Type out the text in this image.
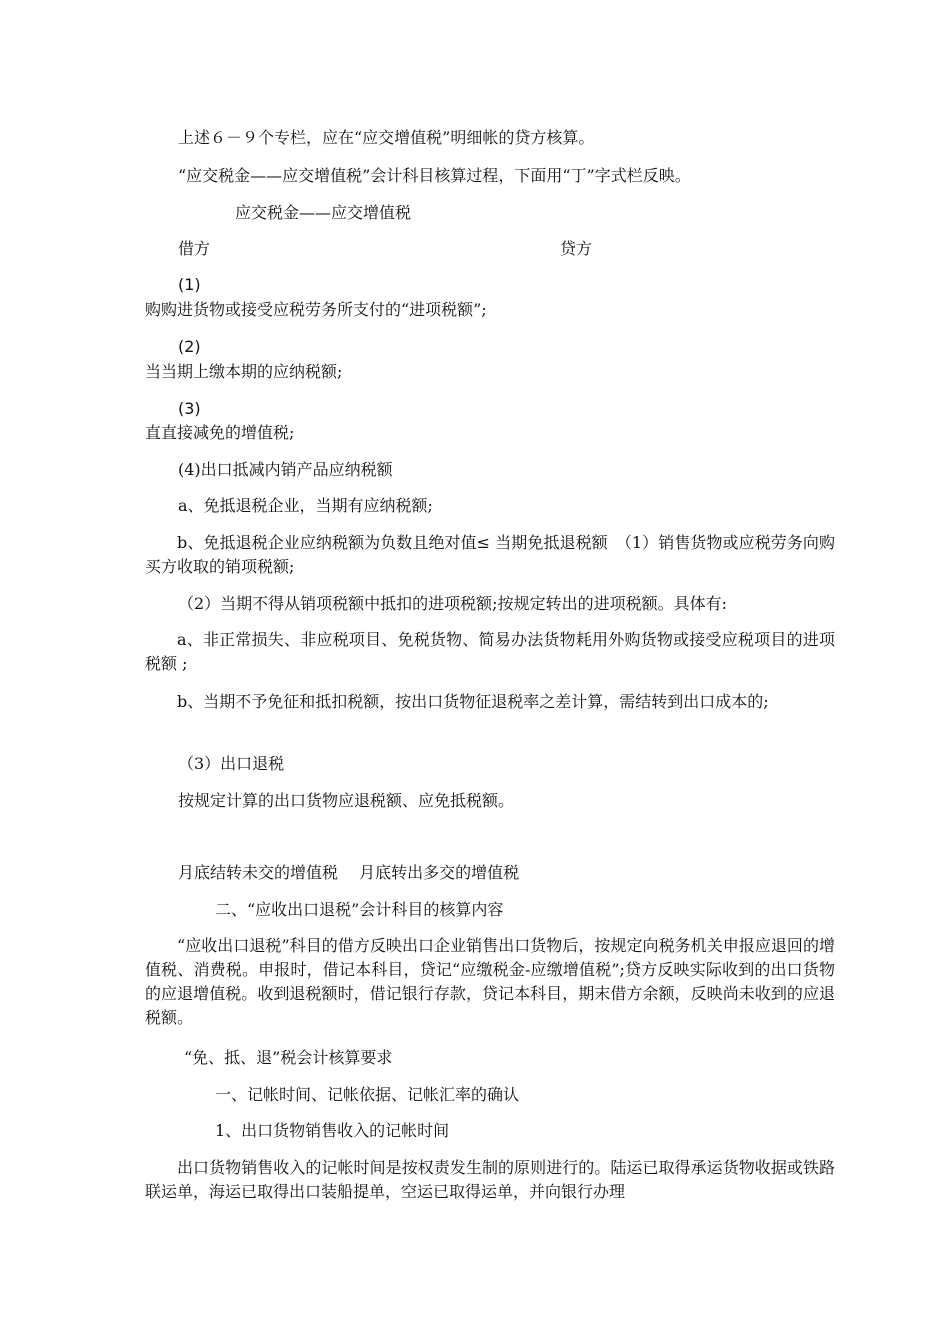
上述６－９个专栏，应在“应交增值税”明细帐的贷方核算。
“应交税金——应交增值税”会计科目核算过程，下面用“丁”字式栏反映。
应交税金——应交增值税
借方	贷方
(1)
购购进货物或接受应税劳务所支付的“进项税额”;
(2)
当当期上缴本期的应纳税额;
(3)
直直接减免的增值税;
(4)出口抵减内销产品应纳税额
a、免抵退税企业，当期有应纳税额;
b、免抵退税企业应纳税额为负数且绝对值≤ 当期免抵退税额　（1）销售货物或应税劳务向购买方收取的销项税额;
（2）当期不得从销项税额中抵扣的进项税额;按规定转出的进项税额。具体有:
a、非正常损失、非应税项目、免税货物、简易办法货物耗用外购货物或接受应税项目的进项税额 ;
b、当期不予免征和抵扣税额，按出口货物征退税率之差计算，需结转到出口成本的;
（3）出口退税
按规定计算的出口货物应退税额、应免抵税额。
月底结转未交的增值税　 月底转出多交的增值税
二、“应收出口退税”会计科目的核算内容
“应收出口退税”科目的借方反映出口企业销售出口货物后，按规定向税务机关申报应退回的增值税、消费税。申报时，借记本科目，贷记“应缴税金-应缴增值税”;贷方反映实际收到的出口货物的应退增值税。收到退税额时，借记银行存款，贷记本科目，期末借方余额，反映尚未收到的应退税额。
“免、抵、退”税会计核算要求
一、记帐时间、记帐依据、记帐汇率的确认
1、出口货物销售收入的记帐时间
出口货物销售收入的记帐时间是按权责发生制的原则进行的。陆运已取得承运货物收据或铁路联运单，海运已取得出口装船提单，空运已取得运单，并向银行办理
